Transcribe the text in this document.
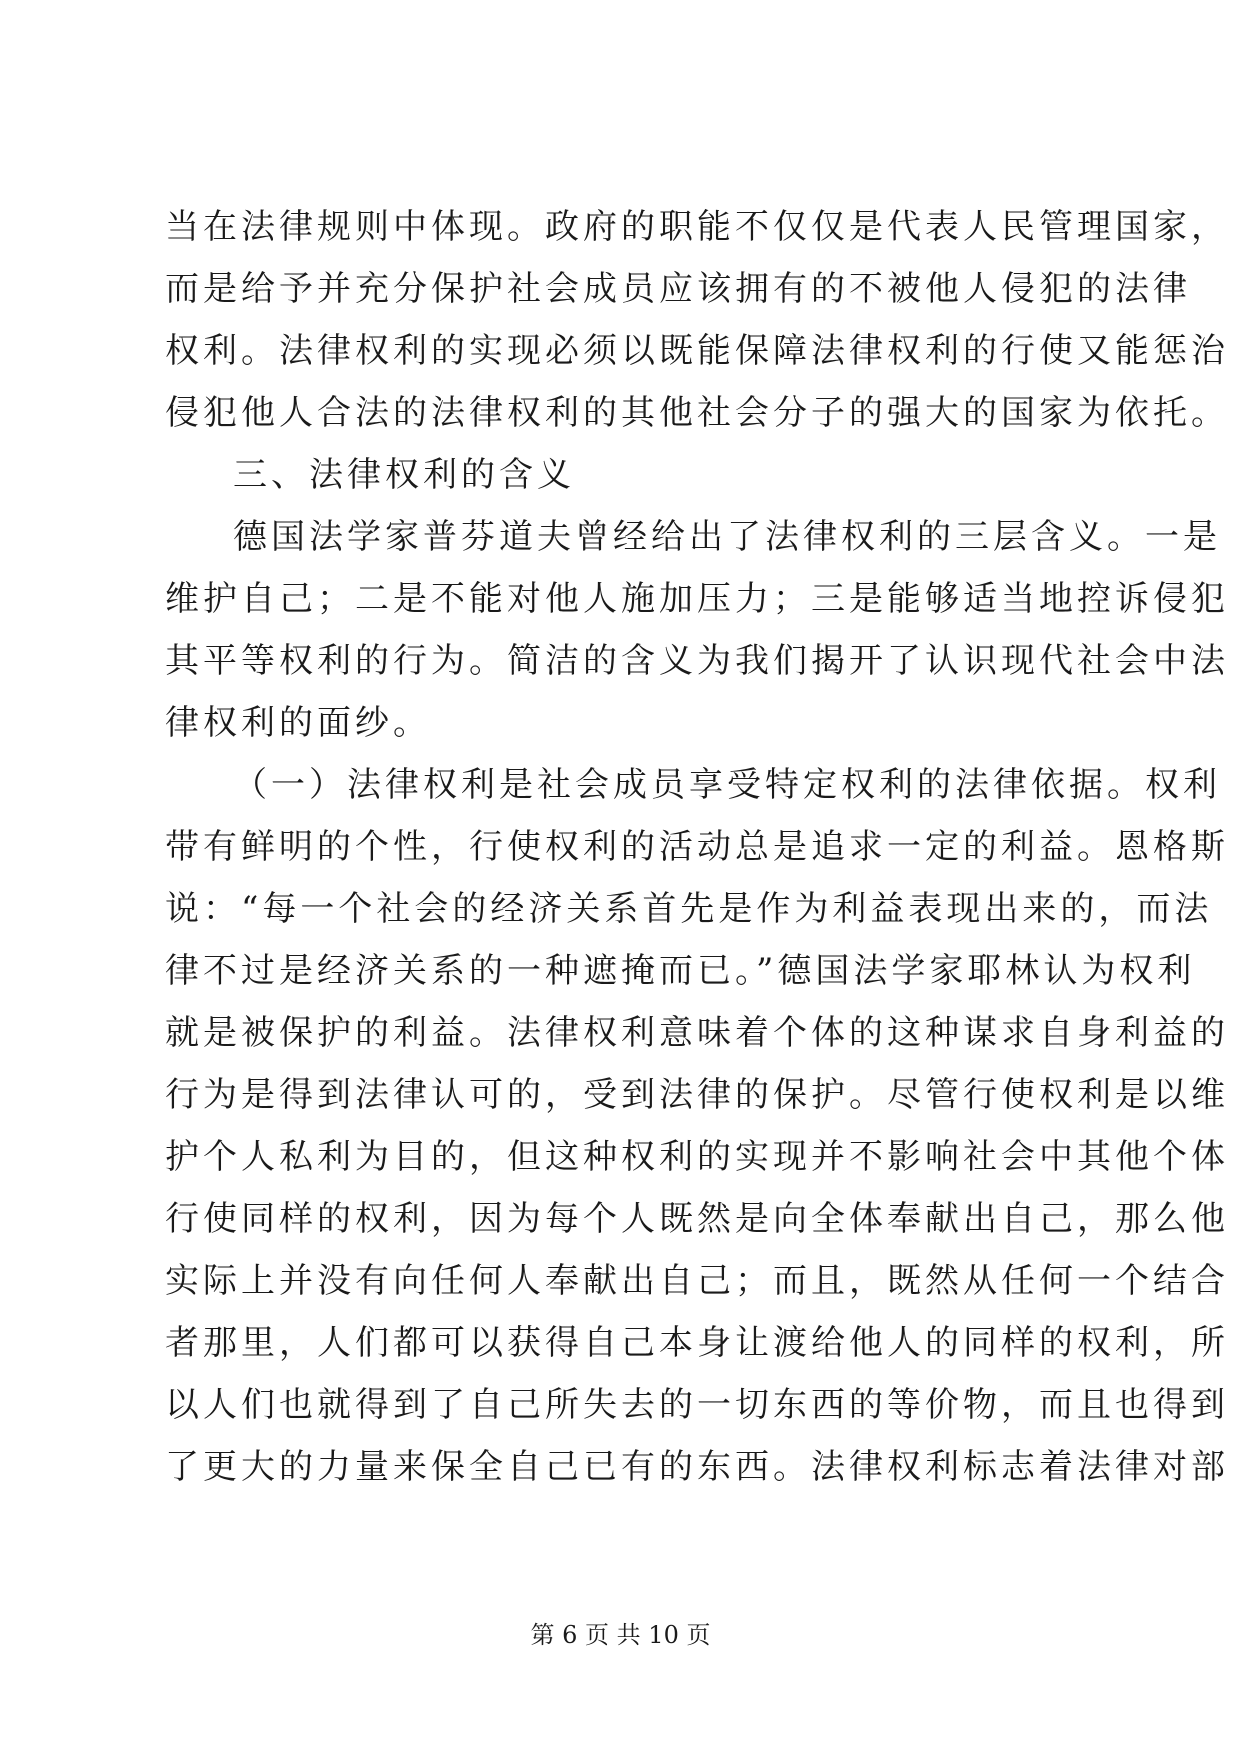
当在法律规则中体现。政府的职能不仅仅是代表人民管理国家，
而是给予并充分保护社会成员应该拥有的不被他人侵犯的法律
权利。法律权利的实现必须以既能保障法律权利的行使又能惩治
侵犯他人合法的法律权利的其他社会分子的强大的国家为依托。
三、法律权利的含义
德国法学家普芬道夫曾经给出了法律权利的三层含义。一是
维护自己；二是不能对他人施加压力；三是能够适当地控诉侵犯
其平等权利的行为。简洁的含义为我们揭开了认识现代社会中法
律权利的面纱。
（一）法律权利是社会成员享受特定权利的法律依据。权利
带有鲜明的个性，行使权利的活动总是追求一定的利益。恩格斯
说：“每一个社会的经济关系首先是作为利益表现出来的，而法
律不过是经济关系的一种遮掩而已。”德国法学家耶林认为权利
就是被保护的利益。法律权利意味着个体的这种谋求自身利益的
行为是得到法律认可的，受到法律的保护。尽管行使权利是以维
护个人私利为目的，但这种权利的实现并不影响社会中其他个体
行使同样的权利，因为每个人既然是向全体奉献出自己，那么他
实际上并没有向任何人奉献出自己；而且，既然从任何一个结合
者那里，人们都可以获得自己本身让渡给他人的同样的权利，所
以人们也就得到了自己所失去的一切东西的等价物，而且也得到
了更大的力量来保全自己已有的东西。法律权利标志着法律对部
第 6 页 共 10 页
